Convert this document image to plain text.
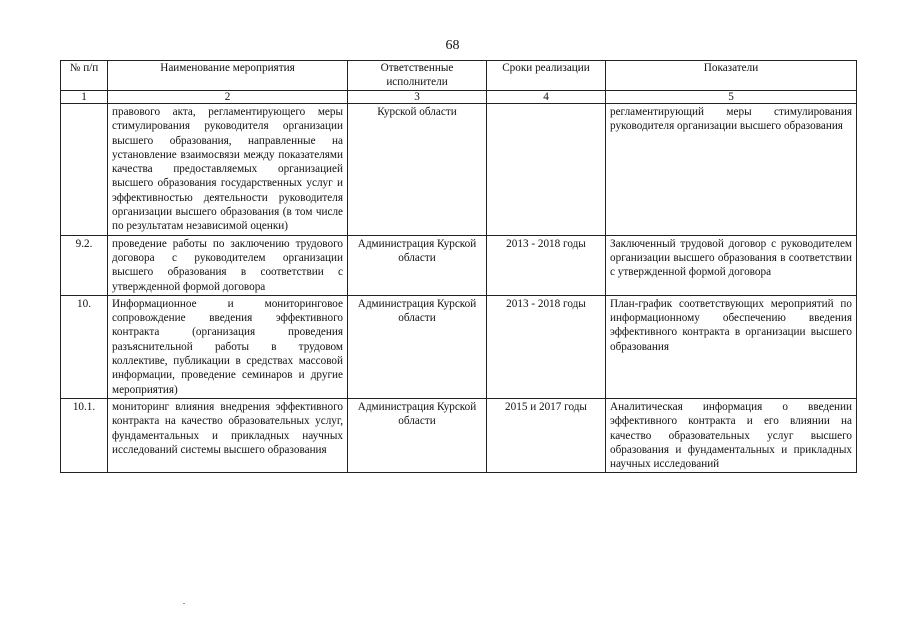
68
№ п/п	Наименование мероприятия	Ответственные исполнители	Сроки реализации	Показатели
1	2	3	4	5
	правового акта, регламентирующего меры стимулирования руководителя организации высшего образования, направленные на установление взаимосвязи между показателями качества предоставляемых организацией высшего образования государственных услуг и эффективностью деятельности руководителя организации высшего образования (в том числе по результатам независимой оценки)	Курской области		регламентирующий меры стимулирования руководителя организации высшего образования
9.2.	проведение работы по заключению трудового договора с руководителем организации высшего образования в соответствии с утвержденной формой договора	Администрация Курской области	2013 - 2018 годы	Заключенный трудовой договор с руководителем организации высшего образования в соответствии с утвержденной формой договора
10.	Информационное и мониторинговое сопровождение введения эффективного контракта (организация проведения разъяснительной работы в трудовом коллективе, публикации в средствах массовой информации, проведение семинаров и другие мероприятия)	Администрация Курской области	2013 - 2018 годы	План-график соответствующих мероприятий по информационному обеспечению введения эффективного контракта в организации высшего образования
10.1.	мониторинг влияния внедрения эффективного контракта на качество образовательных услуг, фундаментальных и прикладных научных исследований системы высшего образования	Администрация Курской области	2015 и 2017 годы	Аналитическая информация о введении эффективного контракта и его влиянии на качество образовательных услуг высшего образования и фундаментальных и прикладных научных исследований
